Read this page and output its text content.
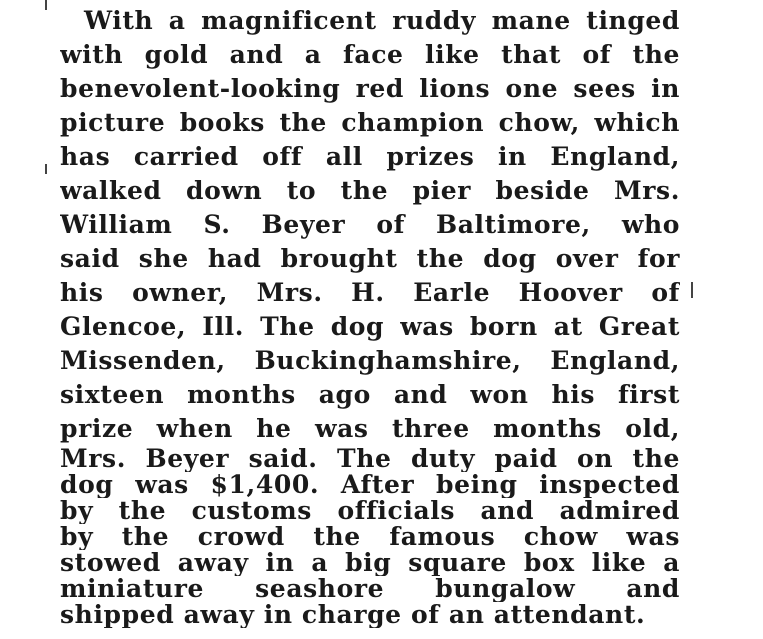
With a magnificent ruddy mane tinged
with gold and a face like that of the
benevolent-looking red lions one sees in
picture books the champion chow, which
has carried off all prizes in England,
walked down to the pier beside Mrs.
William S. Beyer of Baltimore, who
said she had brought the dog over for
his owner, Mrs. H. Earle Hoover of
Glencoe, Ill. The dog was born at Great
Missenden, Buckinghamshire, England,
sixteen months ago and won his first
prize when he was three months old,
Mrs. Beyer said. The duty paid on the
dog was $1,400. After being inspected
by the customs officials and admired
by the crowd the famous chow was
stowed away in a big square box like a
miniature seashore bungalow and
shipped away in charge of an attendant.
